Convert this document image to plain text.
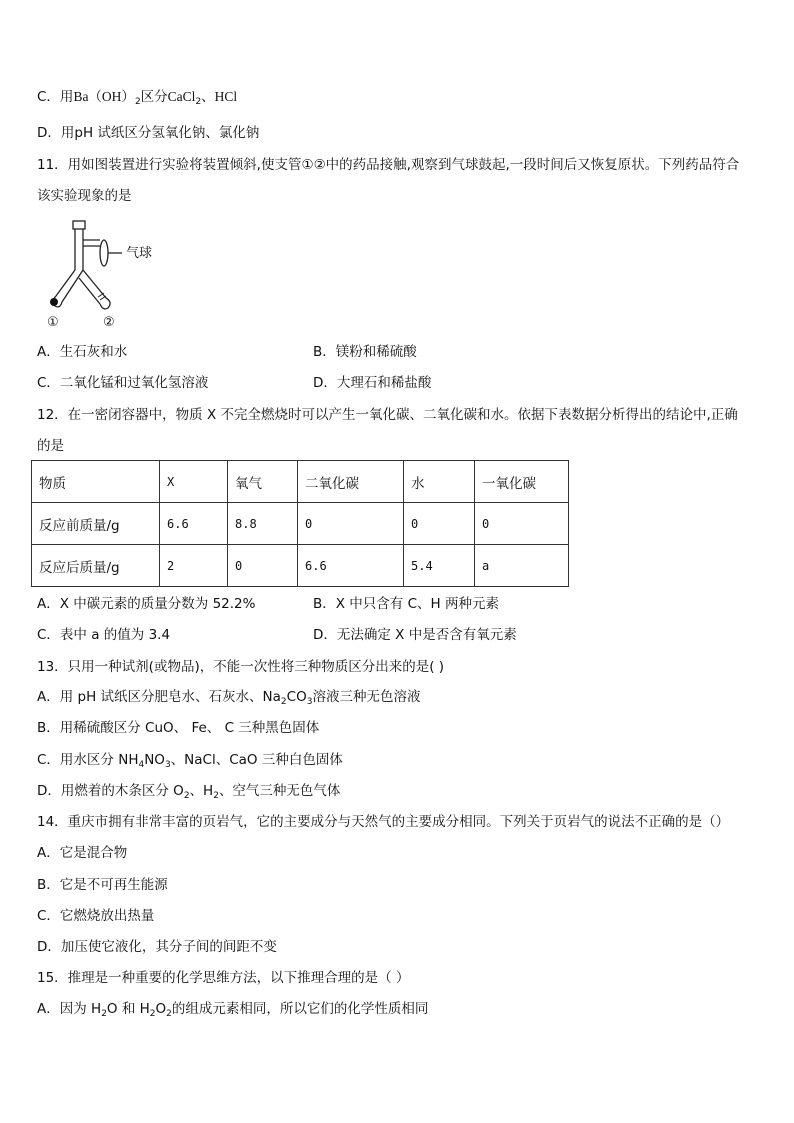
C．用$Ba(OH)_2$区分CaCl$_2$、HCl
D．用pH 试纸区分氢氧化钠、氯化钠
11．用如图装置进行实验将装置倾斜,使支管①②中的药品接触,观察到气球鼓起,一段时间后又恢复原状。下列药品符合
该实验现象的是
气球
①	②
A．生石灰和水	B．镁粉和稀硫酸
C．二氧化锰和过氧化氢溶液	D．大理石和稀盐酸
12．在一密闭容器中，物质 X 不完全燃烧时可以产生一氧化碳、二氧化碳和水。依据下表数据分析得出的结论中,正确
的是
物质	X	氧气	二氧化碳	水	一氧化碳
反应前质量/g	6.6	8.8	0	0	0
反应后质量/g	2	0	6.6	5.4	a
A．X 中碳元素的质量分数为 52.2%	B．X 中只含有 C、H 两种元素
C．表中 a 的值为 3.4	D．无法确定 X 中是否含有氧元素
13．只用一种试剂(或物品)，不能一次性将三种物质区分出来的是( )
A．用 pH 试纸区分肥皂水、石灰水、$Na_2CO_3$溶液三种无色溶液
B．用稀硫酸区分 CuO、 Fe、 C 三种黑色固体
C．用水区分 $NH_4NO_3$、NaCl、CaO 三种白色固体
D．用燃着的木条区分 $O_2$、$H_2$、空气三种无色气体
14．重庆市拥有非常丰富的页岩气，它的主要成分与天然气的主要成分相同。下列关于页岩气的说法不正确的是（）
A．它是混合物
B．它是不可再生能源
C．它燃烧放出热量
D．加压使它液化，其分子间的间距不变
15．推理是一种重要的化学思维方法，以下推理合理的是（ ）
A．因为 $H_2O$ 和 $H_2O_2$的组成元素相同，所以它们的化学性质相同
